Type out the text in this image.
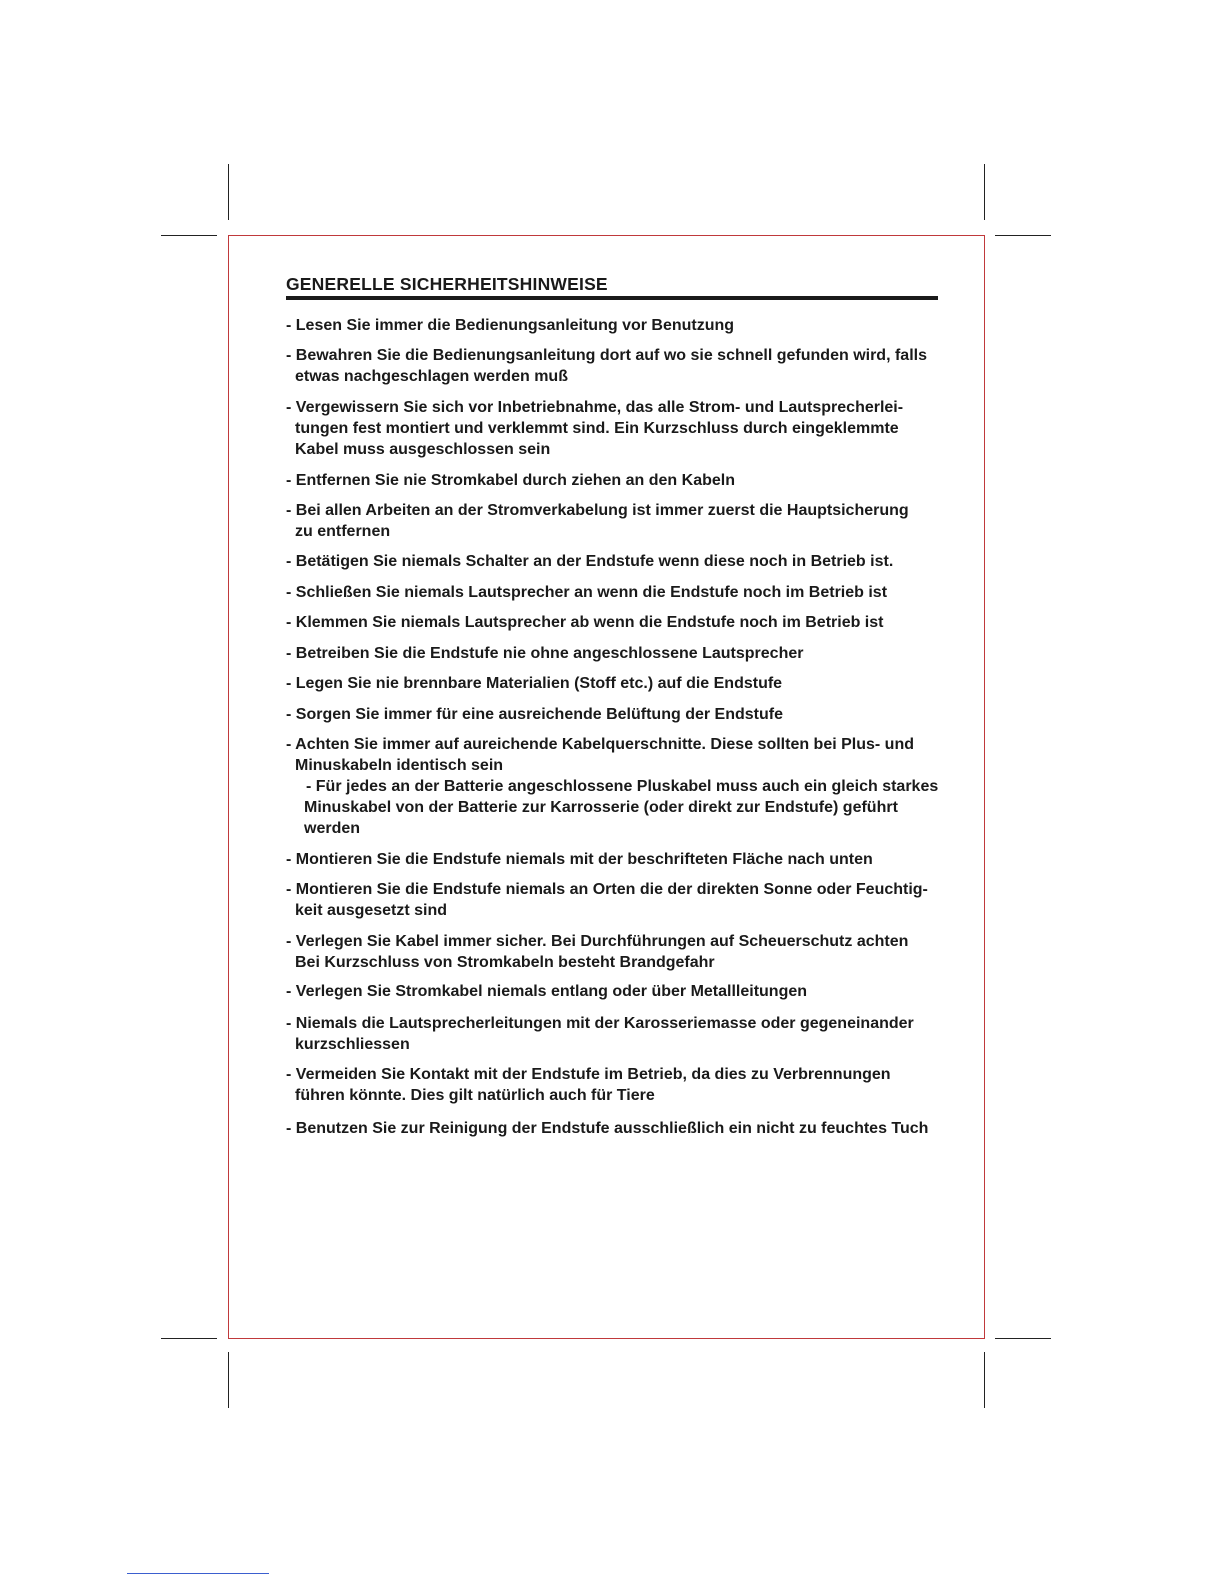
GENERELLE SICHERHEITSHINWEISE
- Lesen Sie immer die Bedienungsanleitung vor Benutzung
- Bewahren Sie die Bedienungsanleitung dort auf wo sie schnell gefunden wird, falls
etwas nachgeschlagen werden muß
- Vergewissern Sie sich vor Inbetriebnahme, das alle Strom- und Lautsprecherlei-
tungen fest montiert und verklemmt sind. Ein Kurzschluss durch eingeklemmte
Kabel muss ausgeschlossen sein
- Entfernen Sie nie Stromkabel durch ziehen an den Kabeln
- Bei allen Arbeiten an der Stromverkabelung ist immer zuerst die Hauptsicherung
zu entfernen
- Betätigen Sie niemals Schalter an der Endstufe wenn diese noch in Betrieb ist.
- Schließen Sie niemals Lautsprecher an wenn die Endstufe noch im Betrieb ist
- Klemmen Sie niemals Lautsprecher ab wenn die Endstufe noch im Betrieb ist
- Betreiben Sie die Endstufe nie ohne angeschlossene Lautsprecher
- Legen Sie nie brennbare Materialien (Stoff etc.) auf die Endstufe
- Sorgen Sie immer für eine ausreichende Belüftung der Endstufe
- Achten Sie immer auf aureichende Kabelquerschnitte. Diese sollten bei Plus- und
Minuskabeln identisch sein
- Für jedes an der Batterie angeschlossene Pluskabel muss auch ein gleich starkes
Minuskabel von der Batterie zur Karrosserie (oder direkt zur Endstufe) geführt
werden
- Montieren Sie die Endstufe niemals mit der beschrifteten Fläche nach unten
- Montieren Sie die Endstufe niemals an Orten die der direkten Sonne oder Feuchtig-
keit ausgesetzt sind
- Verlegen Sie Kabel immer sicher. Bei Durchführungen auf Scheuerschutz achten
Bei Kurzschluss von Stromkabeln besteht Brandgefahr
- Verlegen Sie Stromkabel niemals entlang oder über Metallleitungen
- Niemals die Lautsprecherleitungen mit der Karosseriemasse oder gegeneinander
kurzschliessen
- Vermeiden Sie Kontakt mit der Endstufe im Betrieb, da dies zu Verbrennungen
führen könnte. Dies gilt natürlich auch für Tiere
- Benutzen Sie zur Reinigung der Endstufe ausschließlich ein nicht zu feuchtes Tuch
